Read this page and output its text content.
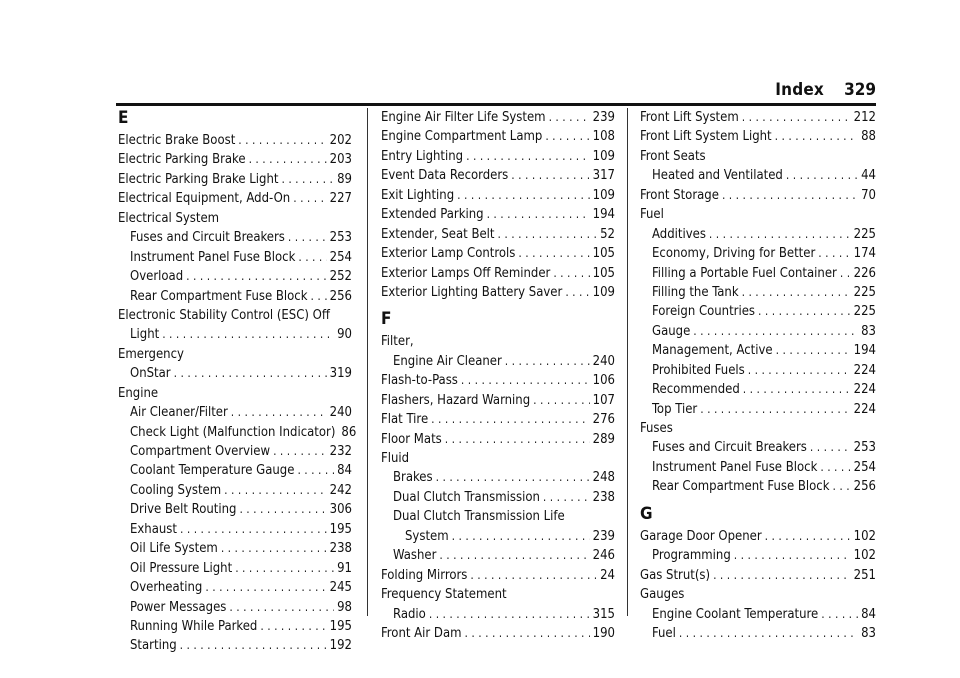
Index 329
E
Electric Brake Boost . . .	202
Electric Parking Brake . . .	203
Electric Parking Brake Light . . .	89
Electrical Equipment, Add-On . . .	227
Electrical System
Fuses and Circuit Breakers . . .	253
Instrument Panel Fuse Block . . .	254
Overload . . .	252
Rear Compartment Fuse Block . . . 256
Electronic Stability Control (ESC) Off
Light . . .	90
Emergency
OnStar . . .	319
Engine
Air Cleaner/Filter . . .	240
Check Light (Malfunction Indicator) 86
Compartment Overview . . .	232
Coolant Temperature Gauge . . .	84
Cooling System . . .	242
Drive Belt Routing . . .	306
Exhaust . . .	195
Oil Life System . . .	238
Oil Pressure Light . . .	91
Overheating . . .	245
Power Messages . . .	98
Running While Parked . . .	195
Starting . . .	192
Engine Air Filter Life System . . .	239
Engine Compartment Lamp . . .	108
Entry Lighting . . .	109
Event Data Recorders . . .	317
Exit Lighting . . .	109
Extended Parking . . .	194
Extender, Seat Belt . . .	52
Exterior Lamp Controls . . .	105
Exterior Lamps Off Reminder . . .	105
Exterior Lighting Battery Saver . . . 109
F
Filter,
Engine Air Cleaner . . .	240
Flash-to-Pass . . .	106
Flashers, Hazard Warning . . .	107
Flat Tire . . .	276
Floor Mats . . .	289
Fluid
Brakes . . .	248
Dual Clutch Transmission . . .	238
Dual Clutch Transmission Life
System . . .	239
Washer . . .	246
Folding Mirrors . . .	24
Frequency Statement
Radio . . .	315
Front Air Dam . . .	190
Front Lift System . . .	212
Front Lift System Light . . .	88
Front Seats
Heated and Ventilated . . .	44
Front Storage . . .	70
Fuel
Additives . . .	225
Economy, Driving for Better . . .	174
Filling a Portable Fuel Container . . . 226
Filling the Tank . . .	225
Foreign Countries . . .	225
Gauge . . .	83
Management, Active . . .	194
Prohibited Fuels . . .	224
Recommended . . .	224
Top Tier . . .	224
Fuses
Fuses and Circuit Breakers . . .	253
Instrument Panel Fuse Block . . .	254
Rear Compartment Fuse Block . . . 256
G
Garage Door Opener . . .	102
Programming . . .	102
Gas Strut(s) . . .	251
Gauges
Engine Coolant Temperature . . .	84
Fuel . . .	83
